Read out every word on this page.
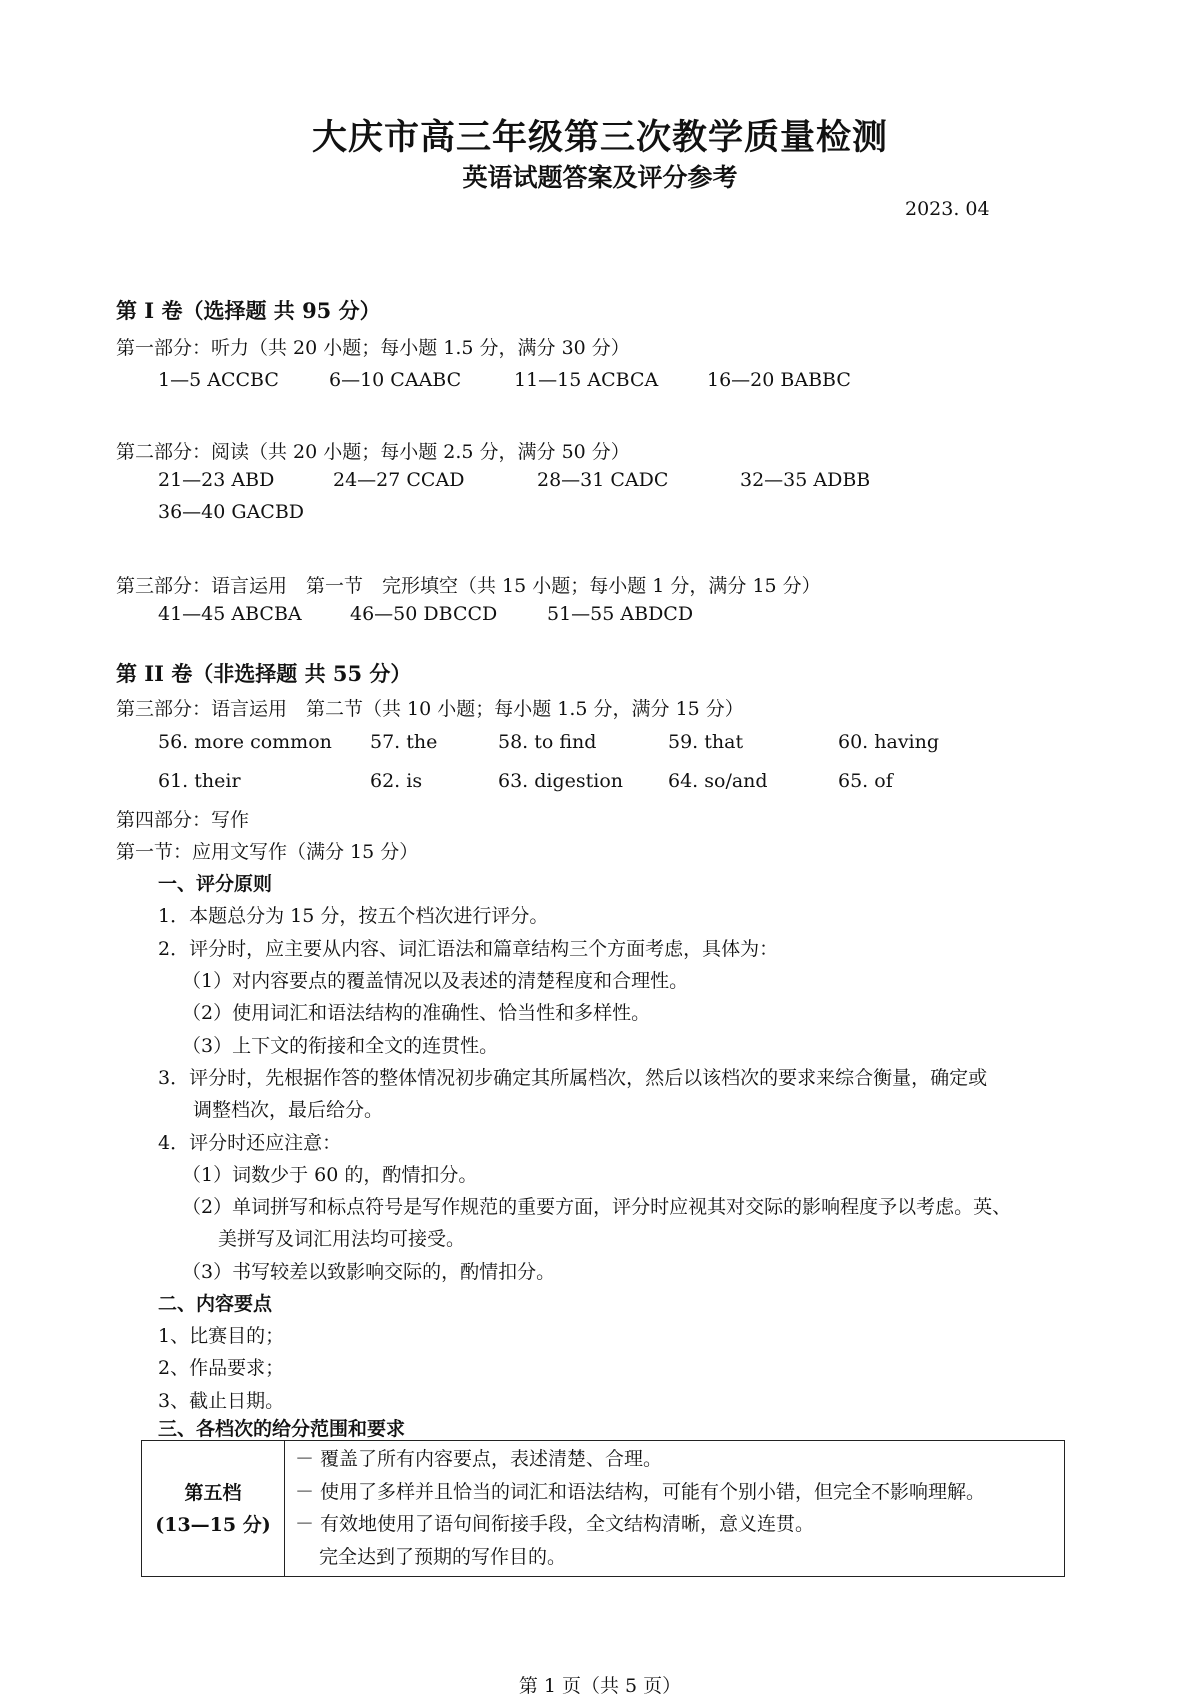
大庆市高三年级第三次教学质量检测
英语试题答案及评分参考
2023. 04
第 I 卷（选择题 共 95 分）
第一部分：听力（共 20 小题；每小题 1.5 分，满分 30 分）
1—5 ACCBC	6—10 CAABC	11—15 ACBCA	16—20 BABBC
第二部分：阅读（共 20 小题；每小题 2.5 分，满分 50 分）
21—23 ABD	24—27 CCAD	28—31 CADC	32—35 ADBB
36—40 GACBD
第三部分：语言运用　第一节　完形填空（共 15 小题；每小题 1 分，满分 15 分）
41—45 ABCBA	46—50 DBCCD	51—55 ABDCD
第 II 卷（非选择题 共 55 分）
第三部分：语言运用　第二节（共 10 小题；每小题 1.5 分，满分 15 分）
56. more common 57. the	58. to find	59. that	60. having
61. their	62. is	63. digestion 64. so/and	65. of
第四部分：写作
第一节：应用文写作（满分 15 分）
一、评分原则
1．本题总分为 15 分，按五个档次进行评分。
2．评分时，应主要从内容、词汇语法和篇章结构三个方面考虑，具体为：
（1）对内容要点的覆盖情况以及表述的清楚程度和合理性。
（2）使用词汇和语法结构的准确性、恰当性和多样性。
（3）上下文的衔接和全文的连贯性。
3．评分时，先根据作答的整体情况初步确定其所属档次，然后以该档次的要求来综合衡量，确定或
调整档次，最后给分。
4．评分时还应注意：
（1）词数少于 60 的，酌情扣分。
（2）单词拼写和标点符号是写作规范的重要方面，评分时应视其对交际的影响程度予以考虑。英、
美拼写及词汇用法均可接受。
（3）书写较差以致影响交际的，酌情扣分。
二、内容要点
1、比赛目的；
2、作品要求；
3、截止日期。
三、各档次的给分范围和要求
第五档
(13—15 分)

－ 覆盖了所有内容要点，表述清楚、合理。
－ 使用了多样并且恰当的词汇和语法结构，可能有个别小错，但完全不影响理解。
－ 有效地使用了语句间衔接手段，全文结构清晰，意义连贯。
完全达到了预期的写作目的。
第 1 页（共 5 页）
